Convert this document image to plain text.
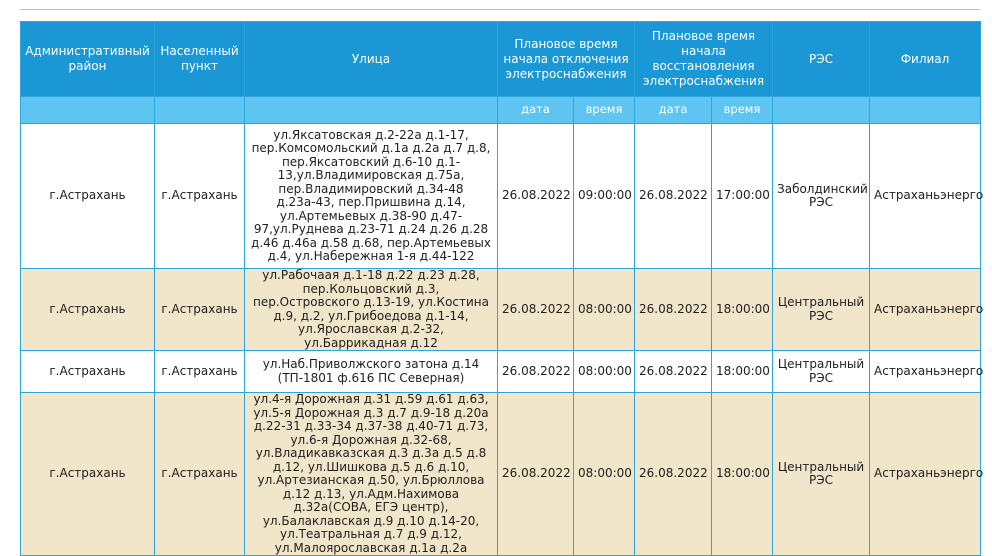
Административный район	Населенный пункт	Улица	Плановое время начала отключения электроснабжения		Плановое время начала восстановления электроснабжения		РЭС	Филиал
			дата	время	дата	время		
г.Астрахань	г.Астрахань	ул.Яксатовская д.2-22а д.1-17, пер.Комсомольский д.1а д.2а д.7 д.8, пер.Яксатовский д.6-10 д.1-13,ул.Владимировская д.75а, пер.Владимировский д.34-48 д.23а-43, пер.Пришвина д.14, ул.Артемьевых д.38-90 д.47-97,ул.Руднева д.23-71 д.24 д.26 д.28 д.46 д.46а д.58 д.68, пер.Артемьевых д.4, ул.Набережная 1-я д.44-122	26.08.2022	09:00:00	26.08.2022	17:00:00	Заболдинский РЭС	Астраханьэнерго
г.Астрахань	г.Астрахань	ул.Рабочаая д.1-18 д.22 д.23 д.28, пер.Кольцовский д.3, пер.Островского д.13-19, ул.Костина д.9, д.2, ул.Грибоедова д.1-14, ул.Ярославская д.2-32, ул.Баррикадная д.12	26.08.2022	08:00:00	26.08.2022	18:00:00	Центральный РЭС	Астраханьэнерго
г.Астрахань	г.Астрахань	ул.Наб.Приволжского затона д.14 (ТП-1801 ф.616 ПС Северная)	26.08.2022	08:00:00	26.08.2022	18:00:00	Центральный РЭС	Астраханьэнерго
г.Астрахань	г.Астрахань	ул.4-я Дорожная д.31 д.59 д.61 д.63, ул.5-я Дорожная д.3 д.7 д.9-18 д.20а д.22-31 д.33-34 д.37-38 д.40-71 д.73, ул.6-я Дорожная д.32-68, ул.Владикавказская д.3 д.3а д.5 д.8 д.12, ул.Шишкова д.5 д.6 д.10, ул.Артезианская д.50, ул.Брюллова д.12 д.13, ул.Адм.Нахимова д.32а(СОВА, ЕГЭ центр), ул.Балаклавская д.9 д.10 д.14-20, ул.Театральная д.7 д.9 д.12, ул.Малоярославская д.1а д.2а	26.08.2022	08:00:00	26.08.2022	18:00:00	Центральный РЭС	Астраханьэнерго
